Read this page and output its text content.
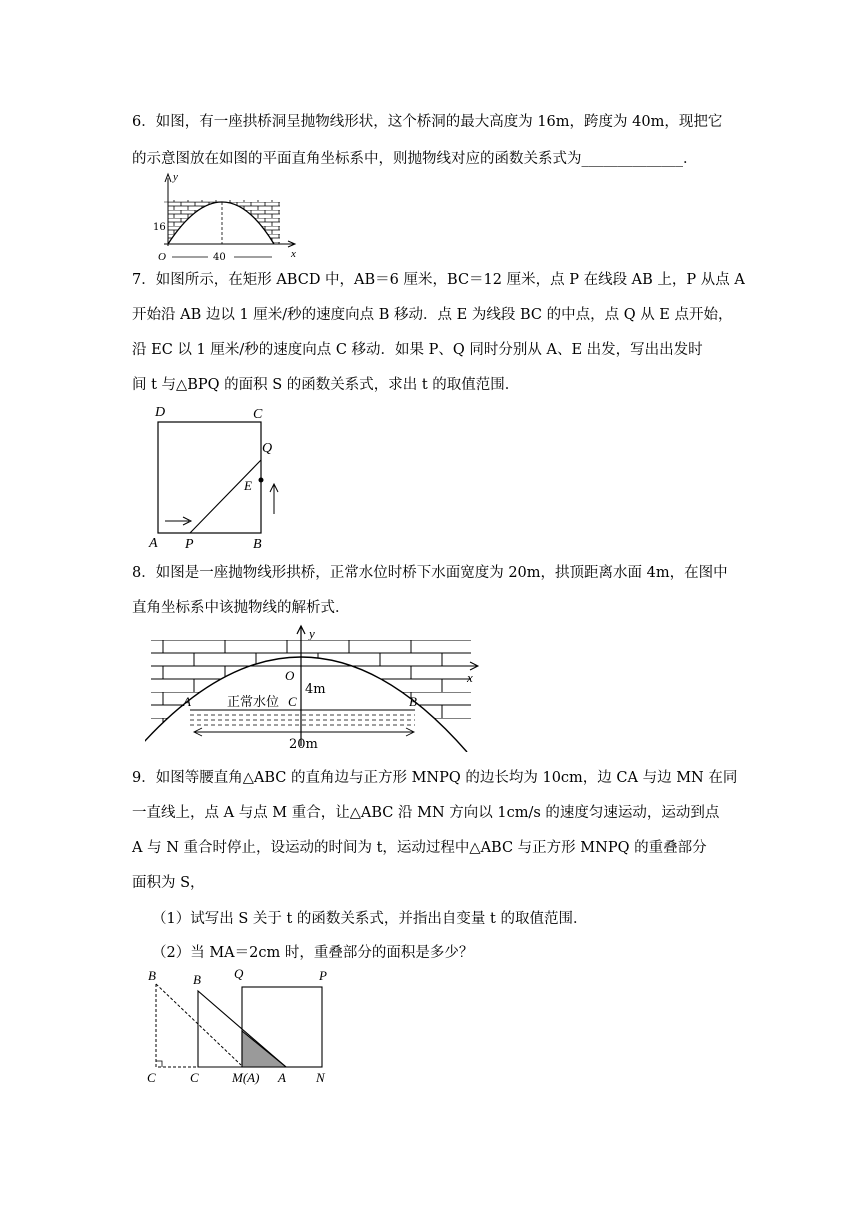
6．如图，有一座拱桥洞呈抛物线形状，这个桥洞的最大高度为 16m，跨度为 40m，现把它
的示意图放在如图的平面直角坐标系中，则抛物线对应的函数关系式为______________．
y
x
O
16
40
7．如图所示，在矩形 ABCD 中，AB＝6 厘米，BC＝12 厘米，点 P 在线段 AB 上，P 从点 A
开始沿 AB 边以 1 厘米/秒的速度向点 B 移动．点 E 为线段 BC 的中点，点 Q 从 E 点开始，
沿 EC 以 1 厘米/秒的速度向点 C 移动．如果 P、Q 同时分别从 A、E 出发，写出出发时
间 t 与△BPQ 的面积 S 的函数关系式，求出 t 的取值范围．
D	C
Q
E
A P	B
8．如图是一座抛物线形拱桥，正常水位时桥下水面宽度为 20m，拱顶距离水面 4m，在图中
直角坐标系中该抛物线的解析式．
y
x
O
A	B
C
正常水位
4m
20m
9．如图等腰直角△ABC 的直角边与正方形 MNPQ 的边长均为 10cm，边 CA 与边 MN 在同
一直线上，点 A 与点 M 重合，让△ABC 沿 MN 方向以 1cm/s 的速度匀速运动，运动到点
A 与 N 重合时停止，设运动的时间为 t，运动过程中△ABC 与正方形 MNPQ 的重叠部分
面积为 S，
（1）试写出 S 关于 t 的函数关系式，并指出自变量 t 的取值范围．
（2）当 MA＝2cm 时，重叠部分的面积是多少？
B	B	Q	P
C	C	M(A) A N
